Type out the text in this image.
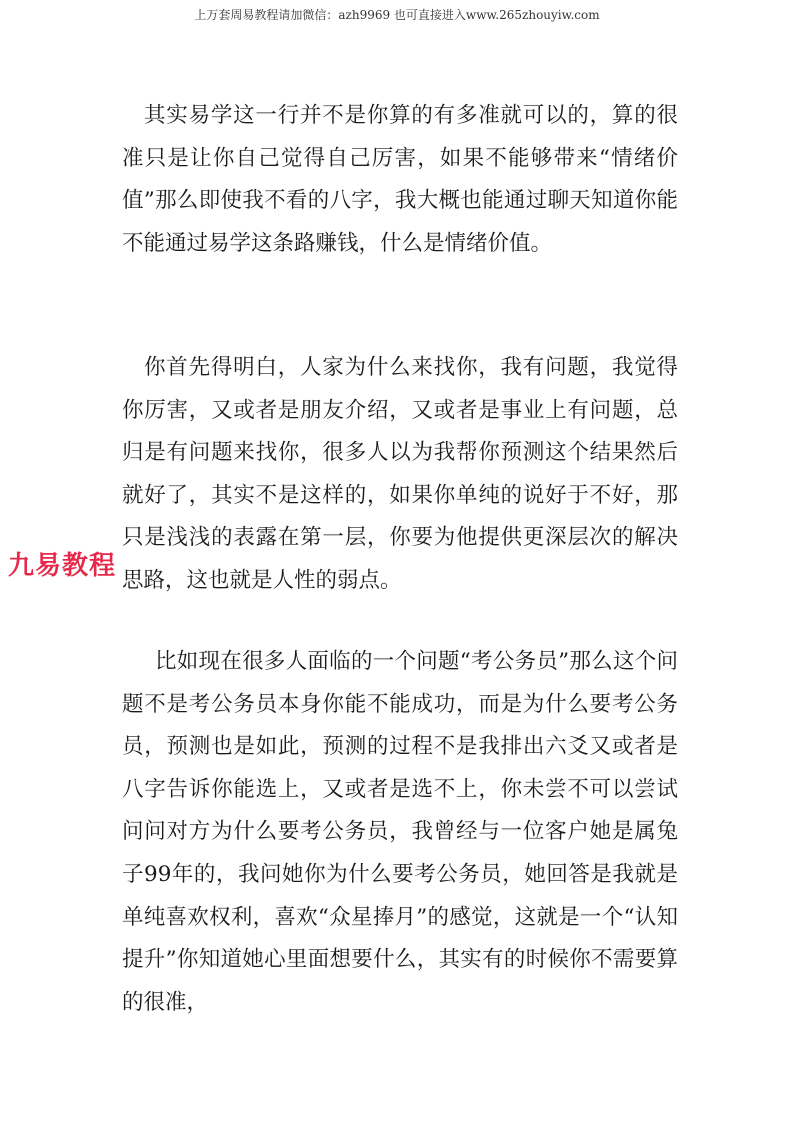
上万套周易教程请加微信：azh9969 也可直接进入www.265zhouyiw.com

其实易学这一行并不是你算的有多准就可以的，算的很准只是让你自己觉得自己厉害，如果不能够带来“情绪价值”那么即使我不看的八字，我大概也能通过聊天知道你能不能通过易学这条路赚钱，什么是情绪价值。

你首先得明白，人家为什么来找你，我有问题，我觉得你厉害，又或者是朋友介绍，又或者是事业上有问题，总归是有问题来找你，很多人以为我帮你预测这个结果然后就好了，其实不是这样的，如果你单纯的说好于不好，那只是浅浅的表露在第一层，你要为他提供更深层次的解决思路，这也就是人性的弱点。

比如现在很多人面临的一个问题“考公务员”那么这个问题不是考公务员本身你能不能成功，而是为什么要考公务员，预测也是如此，预测的过程不是我排出六爻又或者是八字告诉你能选上，又或者是选不上，你未尝不可以尝试问问对方为什么要考公务员，我曾经与一位客户她是属兔子99年的，我问她你为什么要考公务员，她回答是我就是单纯喜欢权利，喜欢“众星捧月”的感觉，这就是一个“认知提升”你知道她心里面想要什么，其实有的时候你不需要算的很准，

九易教程
